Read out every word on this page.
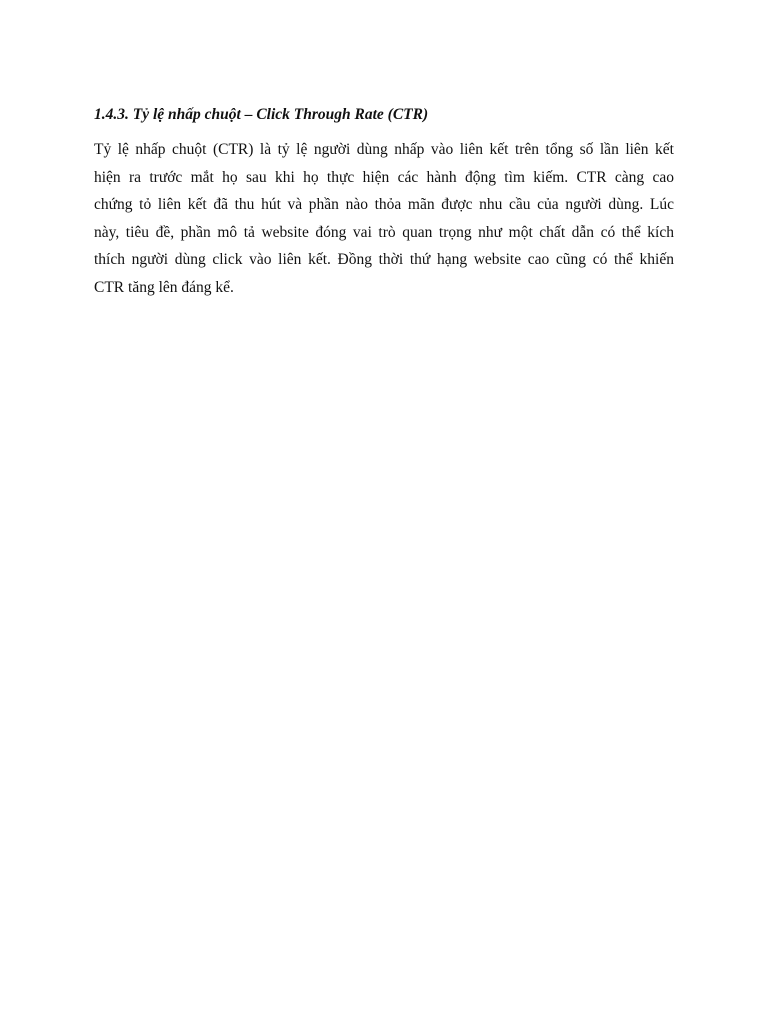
1.4.3. Tỷ lệ nhấp chuột – Click Through Rate (CTR)

Tỷ lệ nhấp chuột (CTR) là tỷ lệ người dùng nhấp vào liên kết trên tổng số lần liên kết
hiện ra trước mắt họ sau khi họ thực hiện các hành động tìm kiếm. CTR càng cao
chứng tỏ liên kết đã thu hút và phần nào thỏa mãn được nhu cầu của người dùng. Lúc
này, tiêu đề, phần mô tả website đóng vai trò quan trọng như một chất dẫn có thể kích
thích người dùng click vào liên kết. Đồng thời thứ hạng website cao cũng có thể khiến
CTR tăng lên đáng kể.
